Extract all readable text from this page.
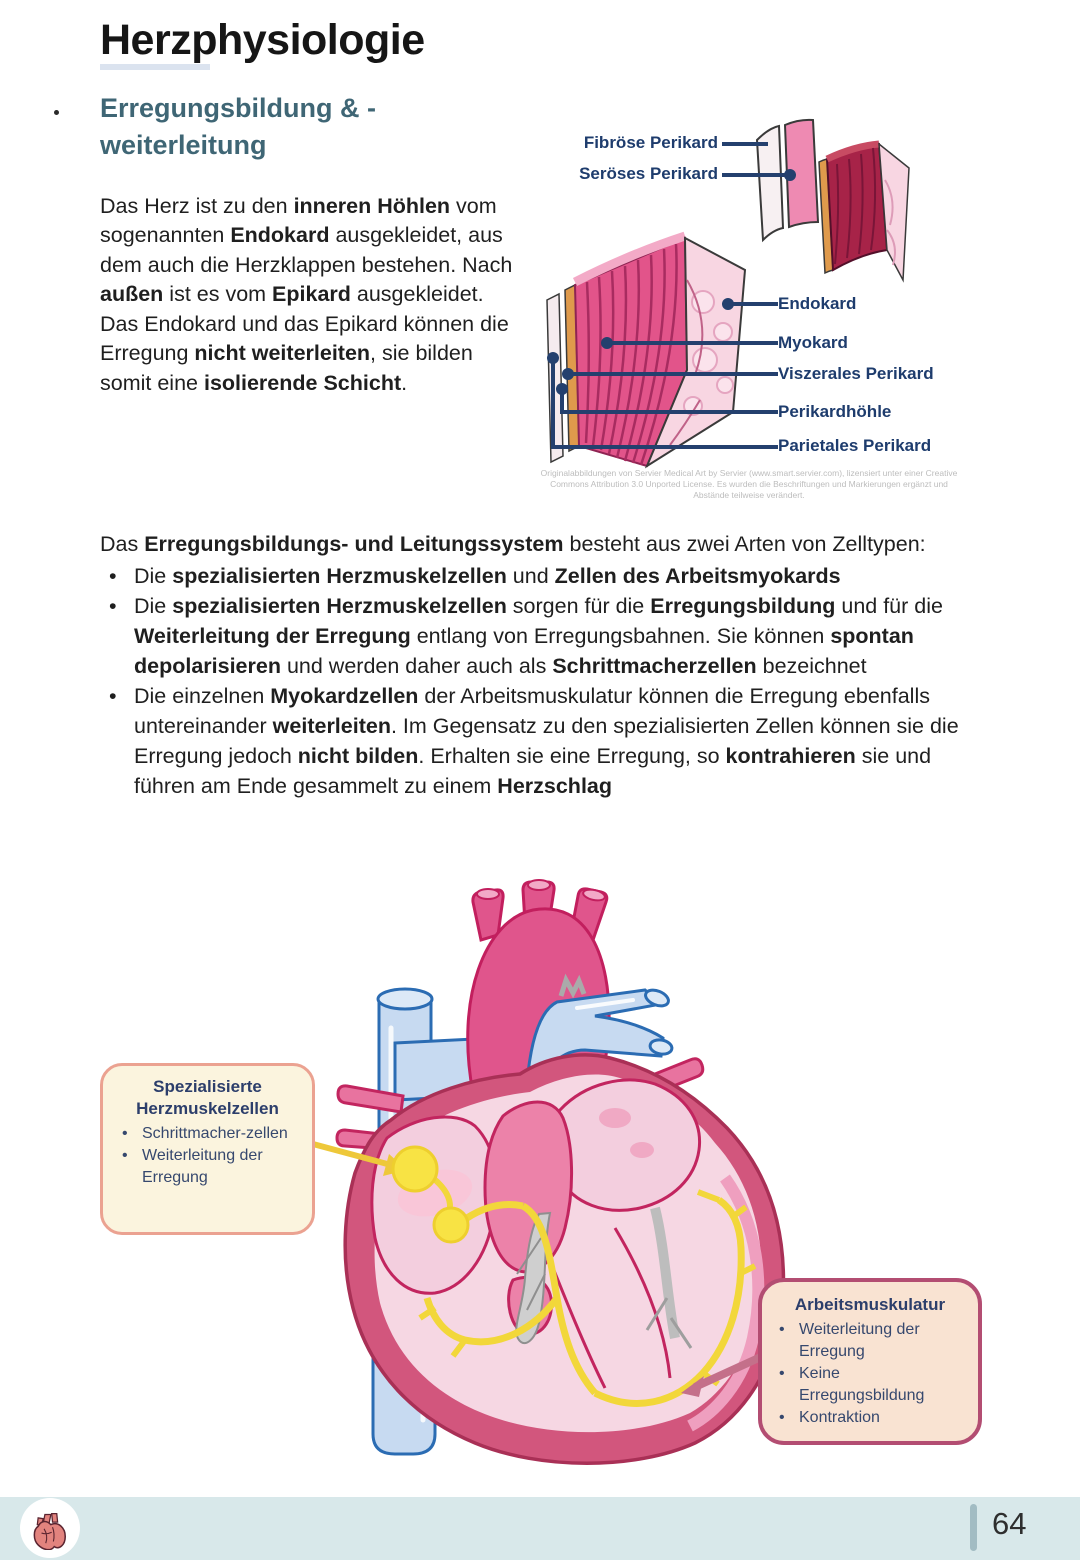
Herzphysiologie
Erregungsbildung & -
weiterleitung

Das Herz ist zu den inneren Höhlen vom sogenannten Endokard ausgekleidet, aus dem auch die Herzklappen bestehen. Nach außen ist es vom Epikard ausgekleidet. Das Endokard und das Epikard können die Erregung nicht weiterleiten, sie bilden somit eine isolierende Schicht.

Fibröse Perikard
Seröses Perikard
Endokard
Myokard
Viszerales Perikard
Perikardhöhle
Parietales Perikard
Originalabbildungen von Servier Medical Art by Servier (www.smart.servier.com), lizensiert unter einer Creative
Commons Attribution 3.0 Unported License. Es wurden die Beschriftungen und Markierungen ergänzt und
Abstände teilweise verändert.

Das Erregungsbildungs- und Leitungssystem besteht aus zwei Arten von Zelltypen:

• Die spezialisierten Herzmuskelzellen und Zellen des Arbeitsmyokards
• Die spezialisierten Herzmuskelzellen sorgen für die Erregungsbildung und für die Weiterleitung der Erregung entlang von Erregungsbahnen. Sie können spontan depolarisieren und werden daher auch als Schrittmacherzellen bezeichnet
• Die einzelnen Myokardzellen der Arbeitsmuskulatur können die Erregung ebenfalls untereinander weiterleiten. Im Gegensatz zu den spezialisierten Zellen können sie die Erregung jedoch nicht bilden. Erhalten sie eine Erregung, so kontrahieren sie und führen am Ende gesammelt zu einem Herzschlag
Spezialisierte Herzmuskelzellen
• Schrittmacher-zellen
• Weiterleitung der Erregung
Arbeitsmuskulatur
• Weiterleitung der Erregung
• Keine Erregungsbildung
• Kontraktion
64
